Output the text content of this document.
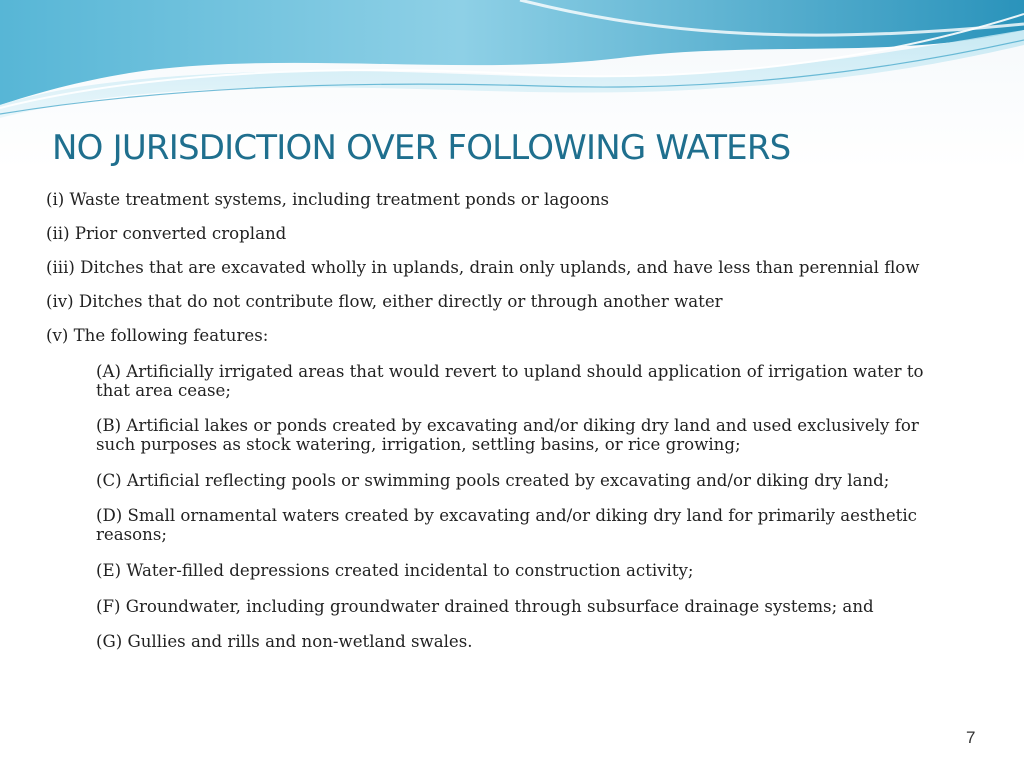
NO JURISDICTION OVER FOLLOWING WATERS

(i) Waste treatment systems, including treatment ponds or lagoons

(ii) Prior converted cropland

(iii) Ditches that are excavated wholly in uplands, drain only uplands, and have less than perennial flow

(iv) Ditches that do not contribute flow, either directly or through another water

(v) The following features:

(A) Artificially irrigated areas that would revert to upland should application of irrigation water to that area cease;

(B) Artificial lakes or ponds created by excavating and/or diking dry land and used exclusively for such purposes as stock watering, irrigation, settling basins, or rice growing;

(C) Artificial reflecting pools or swimming pools created by excavating and/or diking dry land;

(D) Small ornamental waters created by excavating and/or diking dry land for primarily aesthetic reasons;

(E) Water-filled depressions created incidental to construction activity;

(F) Groundwater, including groundwater drained through subsurface drainage systems; and

(G) Gullies and rills and non-wetland swales.

7
